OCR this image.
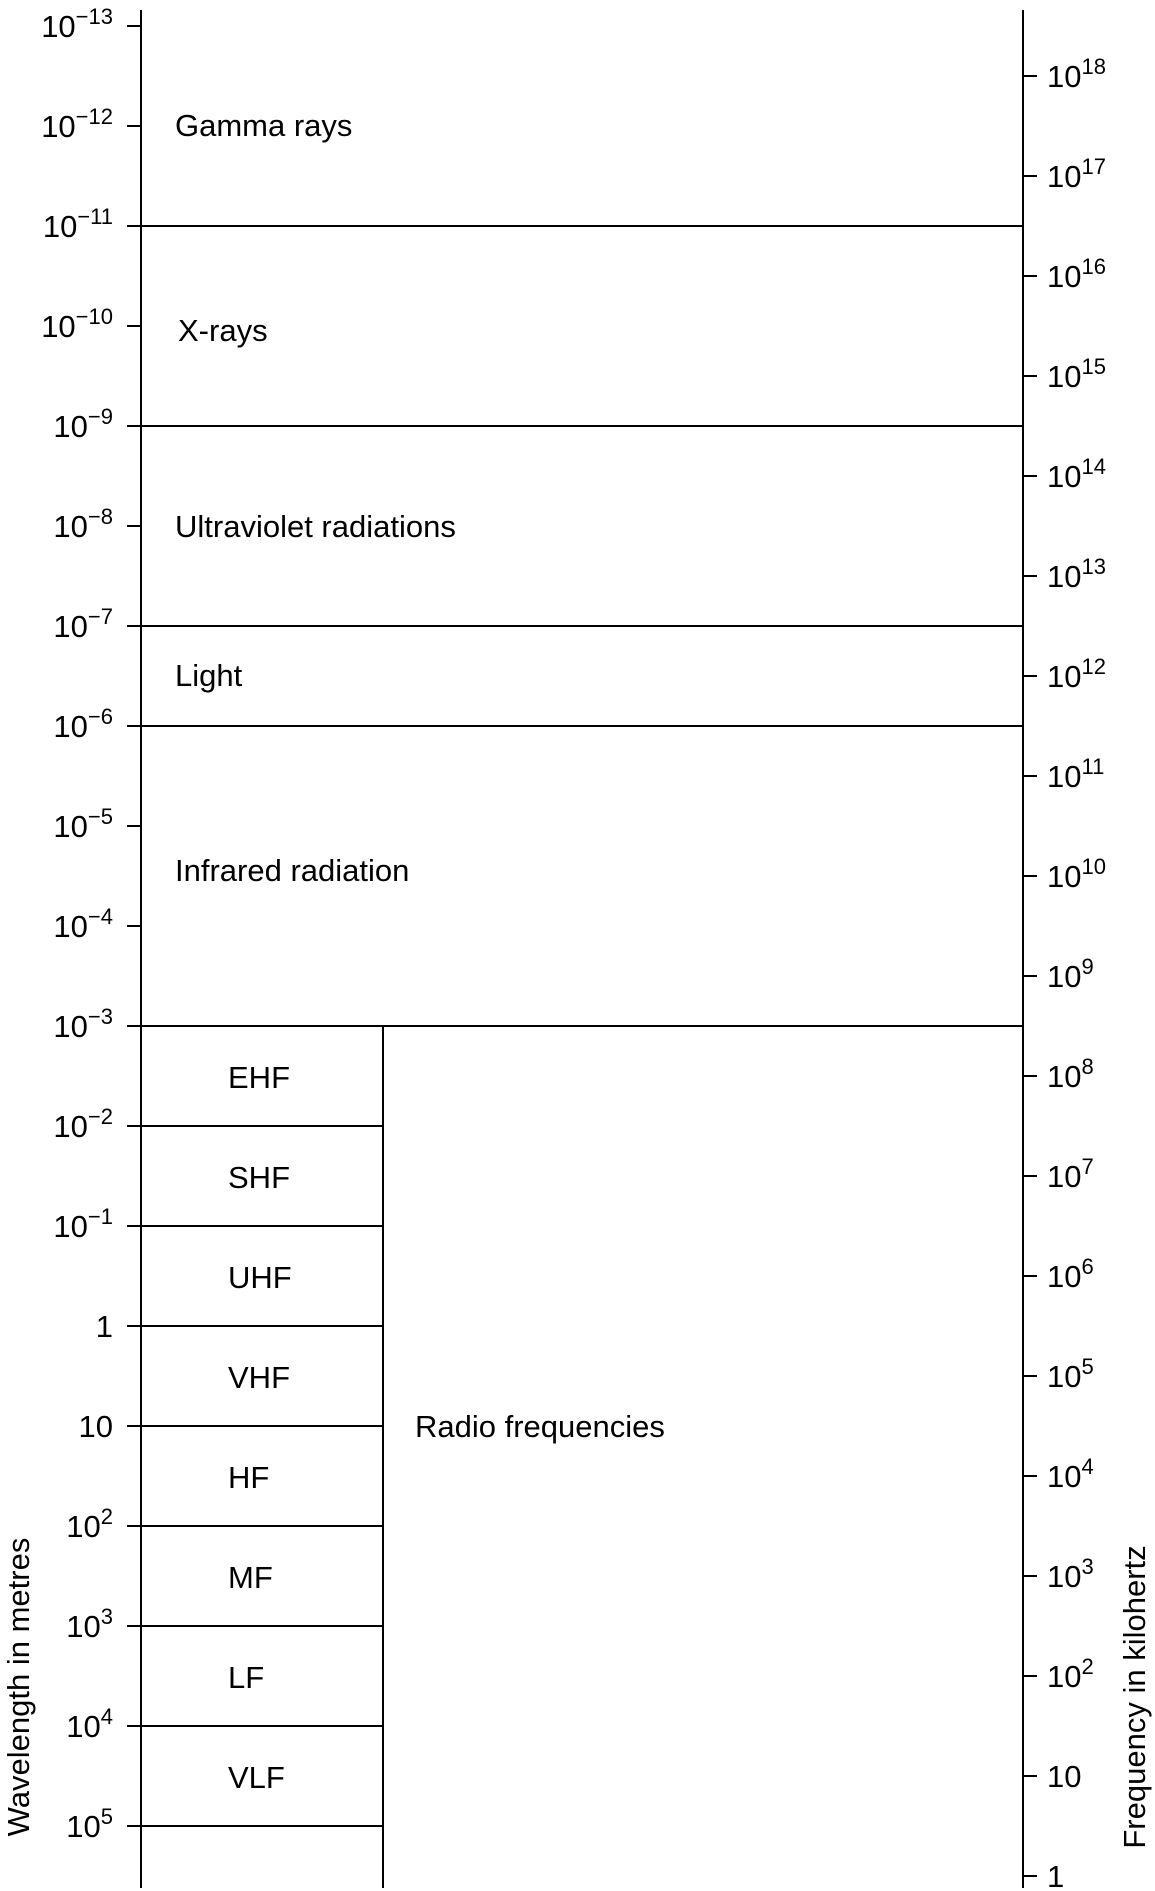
$10^{-13}$
$10^{-12}$
$10^{-11}$
$10^{-10}$
$10^{-9}$
$10^{-8}$
$10^{-7}$
$10^{-6}$
$10^{-5}$
$10^{-4}$
$10^{-3}$
$10^{-2}$
$10^{-1}$
1
10
$10^2$
$10^3$
$10^4$
$10^5$
$10^{18}$
$10^{17}$
$10^{16}$
$10^{15}$
$10^{14}$
$10^{13}$
$10^{12}$
$10^{11}$
$10^{10}$
$10^9$
$10^8$
$10^7$
$10^6$
$10^5$
$10^4$
$10^3$
$10^2$
10
1
Gamma rays
X-rays
Ultraviolet radiations
Light
Infrared radiation
Radio frequencies
EHF
SHF
UHF
VHF
HF
MF
LF
VLF
Wavelength in metres	Frequency in kilohertz
